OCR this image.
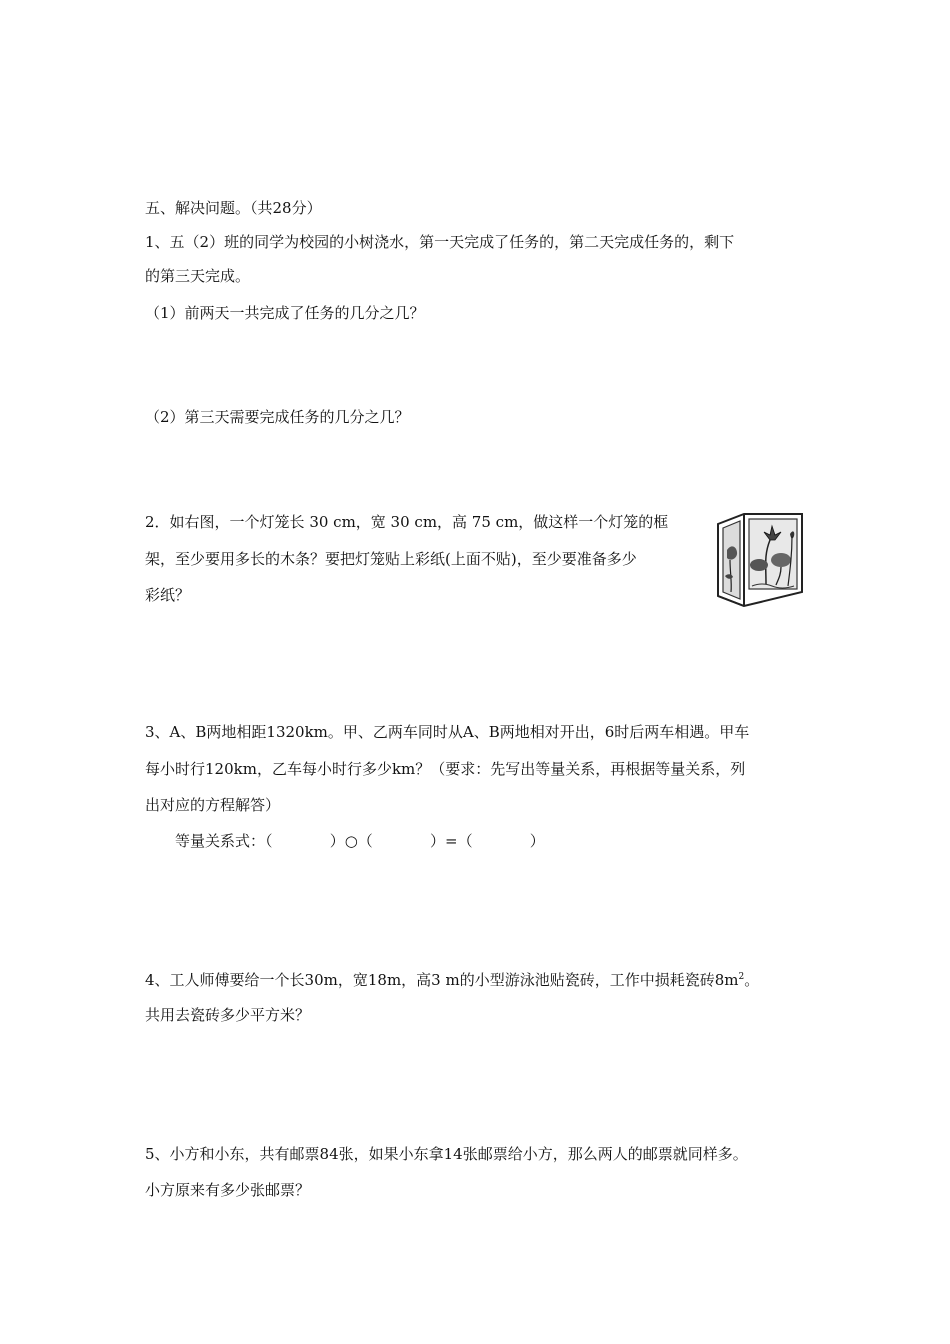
五、解决问题。（共28分）
1、五（2）班的同学为校园的小树浇水，第一天完成了任务的，第二天完成任务的，剩下
的第三天完成。
（1）前两天一共完成了任务的几分之几？
（2）第三天需要完成任务的几分之几？
2．如右图，一个灯笼长 30 cm，宽 30 cm，高 75 cm，做这样一个灯笼的框
架，至少要用多长的木条？要把灯笼贴上彩纸(上面不贴)，至少要准备多少
彩纸？
3、A、B两地相距1320km。甲、乙两车同时从A、B两地相对开出，6时后两车相遇。甲车
每小时行120km，乙车每小时行多少km？（要求：先写出等量关系，再根据等量关系，列
出对应的方程解答）
等量关系式：（            ）○（            ）=（            ）
4、工人师傅要给一个长30m，宽18m，高3 m的小型游泳池贴瓷砖，工作中损耗瓷砖$8m^2$。
共用去瓷砖多少平方米？
5、小方和小东，共有邮票84张，如果小东拿14张邮票给小方，那么两人的邮票就同样多。
小方原来有多少张邮票？
